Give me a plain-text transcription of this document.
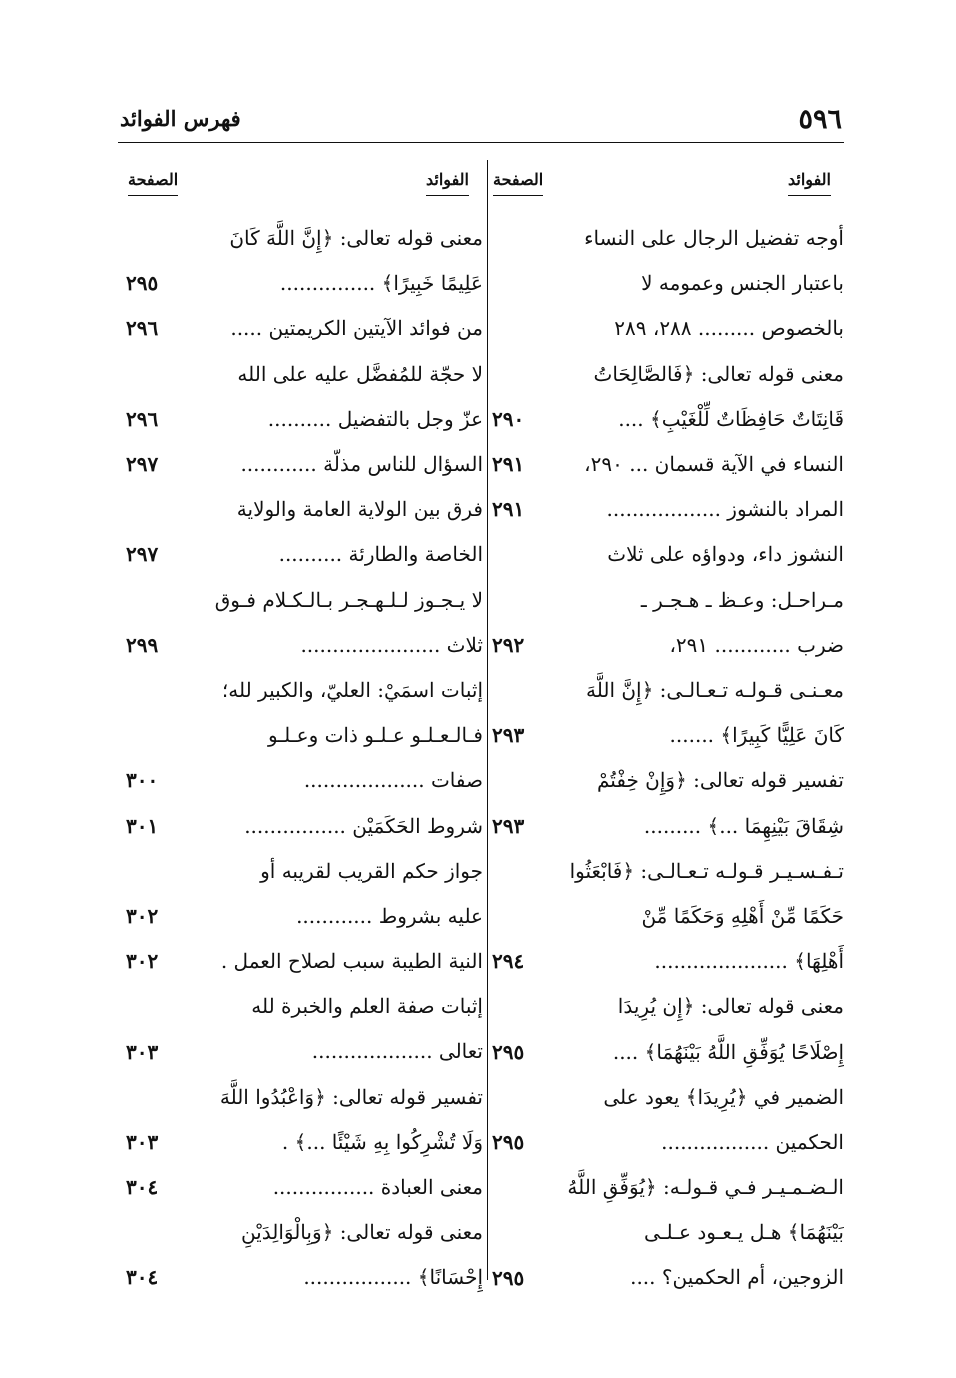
٥٩٦
فهرس الفوائد
الفوائد
الصفحة
الفوائد
الصفحة
أوجه تفضيل الرجال على النساء
باعتبار الجنس وعمومه لا
بالخصوص ......... ٢٨٨، ٢٨٩
معنى قوله تعالى: ﴿فَالصَّالِحَاتُ
قَانِتَاتٌ حَافِظَاتٌ لِّلْغَيْبِ﴾ ....
٢٩٠
النساء في الآية قسمان ... ٢٩٠،
٢٩١
المراد بالنشوز ..................
٢٩١
النشوز داء، ودواؤه على ثلاث
مـراحـل: وعـظ ـ هـجـر ـ
ضرب ............ ٢٩١،
٢٩٢
معـنـى قـولـه تـعـالـى: ﴿إِنَّ اللَّهَ
كَانَ عَلِيًّا كَبِيرًا﴾ .......
٢٩٣
تفسير قوله تعالى: ﴿وَإِنْ خِفْتُمْ
شِقَاقَ بَيْنِهِمَا ...﴾ .........
٢٩٣
تـفـسـيـر قـولـه تـعـالـى: ﴿فَابْعَثُوا
حَكَمًا مِّنْ أَهْلِهِ وَحَكَمًا مِّنْ
أَهْلِهَا﴾ .....................
٢٩٤
معنى قوله تعالى: ﴿إِن يُرِيدَا
إِصْلَاحًا يُوَفِّقِ اللَّهُ بَيْنَهُمَا﴾ ....
٢٩٥
الضمير في ﴿يُرِيدَا﴾ يعود على
الحكمين .................
٢٩٥
الـضـمـيـر فـي قـولـه: ﴿يُوَفِّقِ اللَّهُ
بَيْنَهُمَا﴾ هـل يـعـود عـلـى
الزوجين، أم الحكمين؟ ....
٢٩٥
معنى قوله تعالى: ﴿إِنَّ اللَّهَ كَانَ
عَلِيمًا خَبِيرًا﴾ ...............
٢٩٥
من فوائد الآيتين الكريمتين .....
٢٩٦
لا حجّة للمُفضَّل عليه على الله
عزّ وجل بالتفضيل ..........
٢٩٦
السؤال للناس مذلّة ............
٢٩٧
فرق بين الولاية العامة والولاية
الخاصة والطارئة ..........
٢٩٧
لا يـجـوز لـلـهـجـر بـالـكـلام فـوق
ثلاث ......................
٢٩٩
إثبات اسمَيْ: العليّ، والكبير لله؛
فـالـعـلـو عـلـو ذات وعـلـو
صفات ...................
٣٠٠
شروط الحَكَمَيْن ................
٣٠١
جواز حكم القريب لقريبه أو
عليه بشروط ............
٣٠٢
النية الطيبة سبب لصلاح العمل .
٣٠٢
إثبات صفة العلم والخبرة لله
تعالى ...................
٣٠٣
تفسير قوله تعالى: ﴿وَاعْبُدُوا اللَّهَ
وَلَا تُشْرِكُوا بِهِ شَيْئًا ...﴾ .
٣٠٣
معنى العبادة ................
٣٠٤
معنى قوله تعالى: ﴿وَبِالْوَالِدَيْنِ
إِحْسَانًا﴾ .................
٣٠٤
